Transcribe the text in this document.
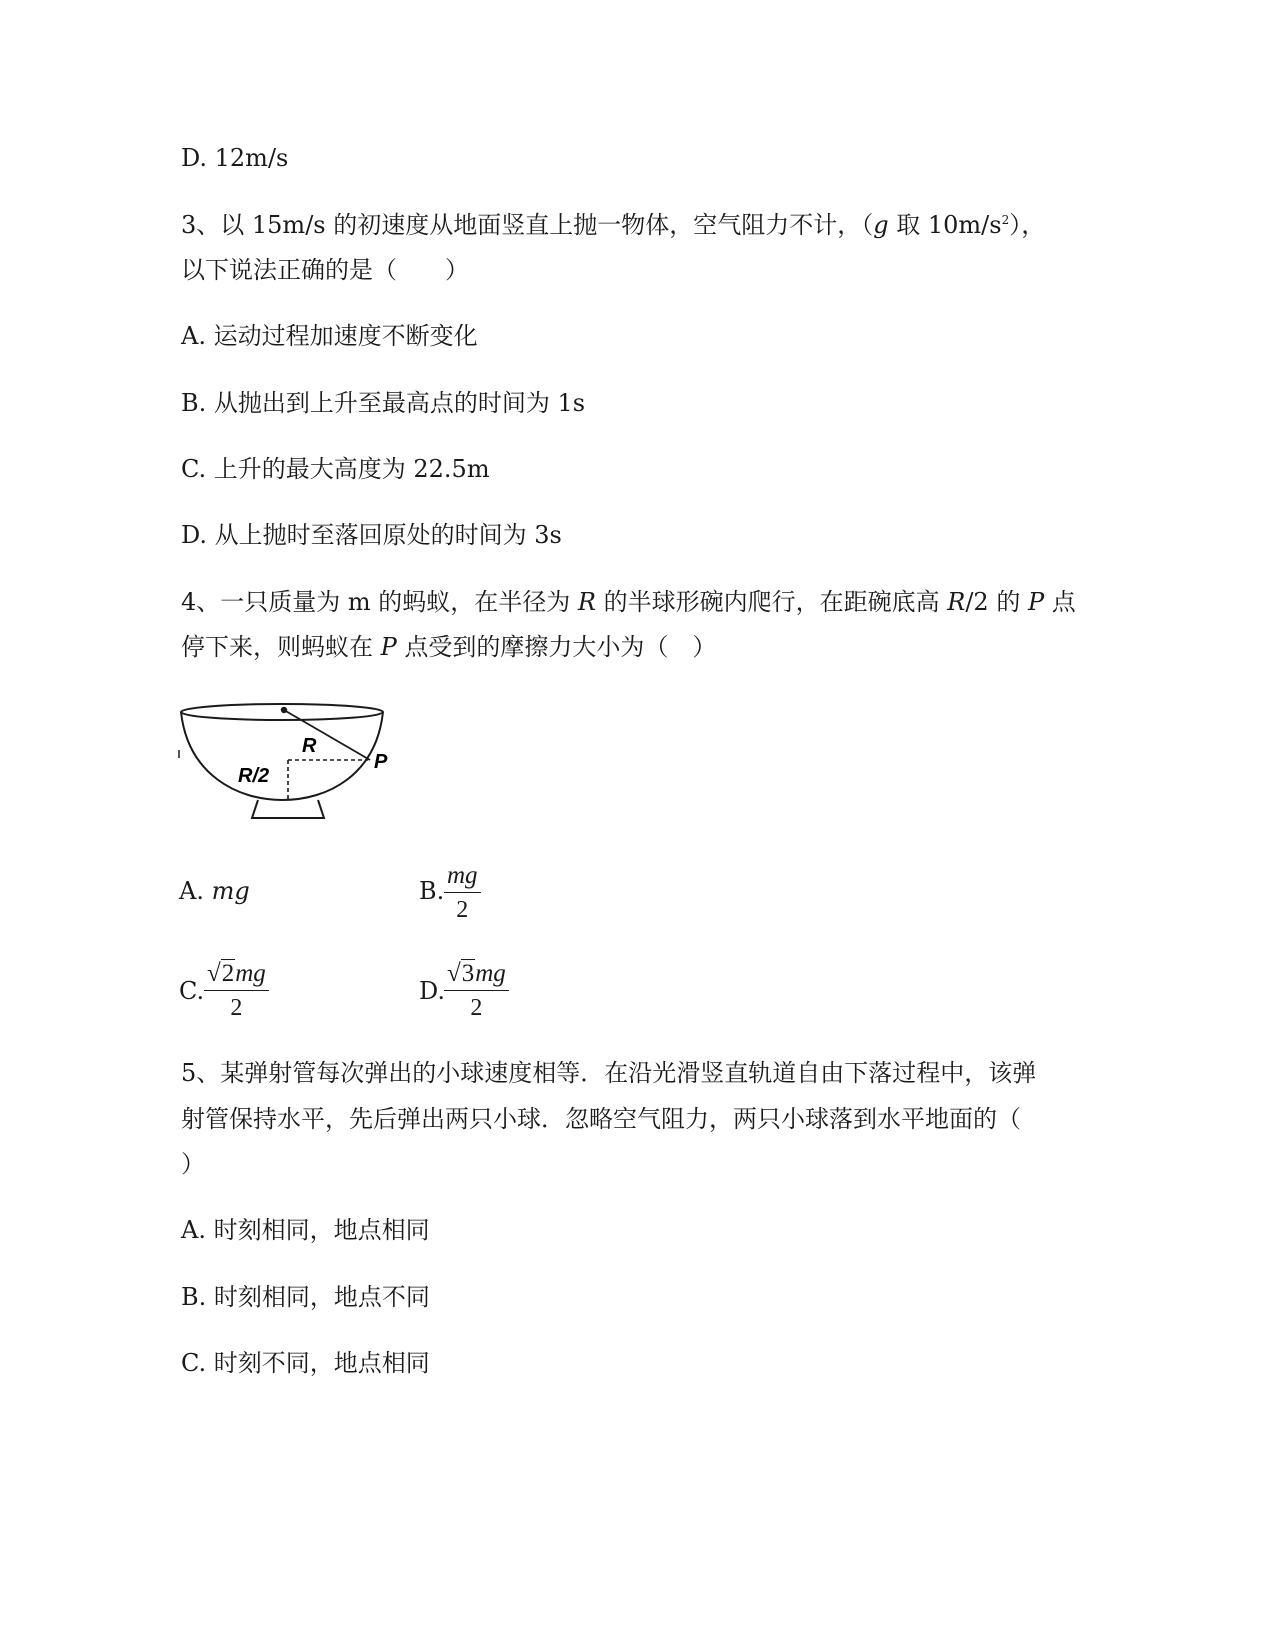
D. 12m/s
3、以 15m/s 的初速度从地面竖直上抛一物体，空气阻力不计，（g 取 $10m/s^2$），
以下说法正确的是（　　）
A. 运动过程加速度不断变化
B. 从抛出到上升至最高点的时间为 1s
C. 上升的最大高度为 22.5m
D. 从上抛时至落回原处的时间为 3s
4、一只质量为 m 的蚂蚁，在半径为 R 的半球形碗内爬行，在距碗底高 R/2 的 P 点
停下来，则蚂蚁在 P 点受到的摩擦力大小为（　）
R
R/2
P
A. mg	B. $\frac{mg}{2}$
C. $\frac{√2mg}{2}$	D.
$\frac{√3mg}{2}$
5、某弹射管每次弹出的小球速度相等．在沿光滑竖直轨道自由下落过程中，该弹
射管保持水平，先后弹出两只小球．忽略空气阻力，两只小球落到水平地面的（
）
A. 时刻相同，地点相同
B. 时刻相同，地点不同
C. 时刻不同，地点相同
